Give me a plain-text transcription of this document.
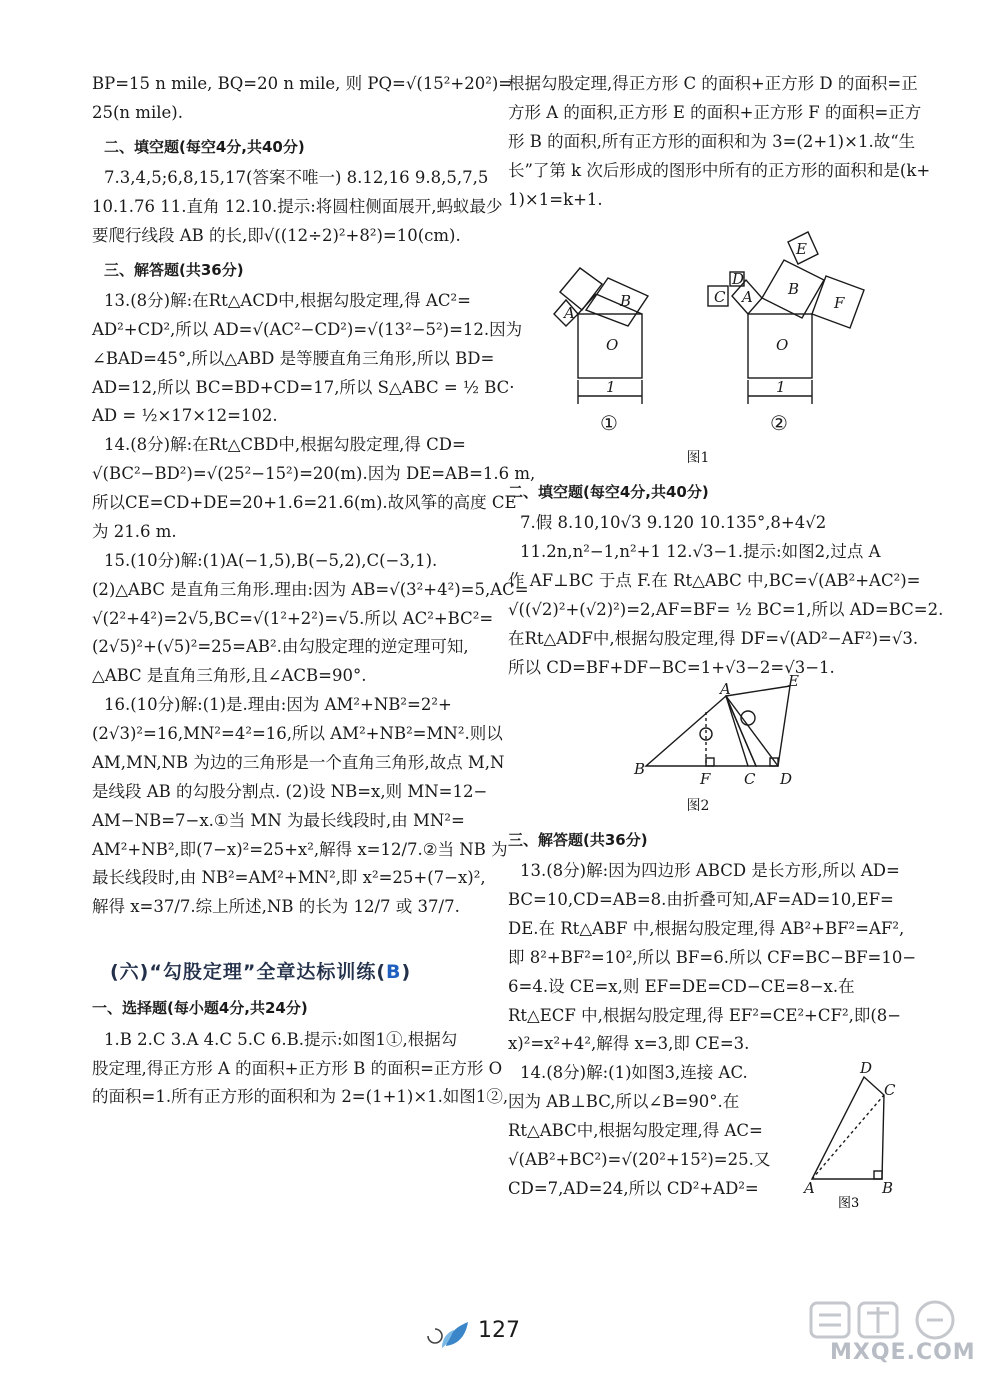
BP=15 n mile, BQ=20 n mile, 则 PQ=√(15²+20²)=
25(n mile).
二、填空题(每空4分,共40分)
7.3,4,5;6,8,15,17(答案不唯一) 8.12,16 9.8,5,7,5
10.1.76 11.直角 12.10.提示:将圆柱侧面展开,蚂蚁最少
要爬行线段 AB 的长,即√((12÷2)²+8²)=10(cm).
三、解答题(共36分)
13.(8分)解:在Rt△ACD中,根据勾股定理,得 AC²=
AD²+CD²,所以 AD=√(AC²−CD²)=√(13²−5²)=12.因为
∠BAD=45°,所以△ABD 是等腰直角三角形,所以 BD=
AD=12,所以 BC=BD+CD=17,所以 S△ABC = ½ BC·
AD = ½×17×12=102.
14.(8分)解:在Rt△CBD中,根据勾股定理,得 CD=
√(BC²−BD²)=√(25²−15²)=20(m).因为 DE=AB=1.6 m,
所以CE=CD+DE=20+1.6=21.6(m).故风筝的高度 CE
为 21.6 m.
15.(10分)解:(1)A(−1,5),B(−5,2),C(−3,1).
(2)△ABC 是直角三角形.理由:因为 AB=√(3²+4²)=5,AC=
√(2²+4²)=2√5,BC=√(1²+2²)=√5.所以 AC²+BC²=
(2√5)²+(√5)²=25=AB².由勾股定理的逆定理可知,
△ABC 是直角三角形,且∠ACB=90°.
16.(10分)解:(1)是.理由:因为 AM²+NB²=2²+
(2√3)²=16,MN²=4²=16,所以 AM²+NB²=MN².则以
AM,MN,NB 为边的三角形是一个直角三角形,故点 M,N
是线段 AB 的勾股分割点. (2)设 NB=x,则 MN=12−
AM−NB=7−x.①当 MN 为最长线段时,由 MN²=
AM²+NB²,即(7−x)²=25+x²,解得 x=12/7.②当 NB 为
最长线段时,由 NB²=AM²+MN²,即 x²=25+(7−x)²,
解得 x=37/7.综上所述,NB 的长为 12/7 或 37/7.
(六)“勾股定理”全章达标训练(B)
一、选择题(每小题4分,共24分)
1.B 2.C 3.A 4.C 5.C 6.B.提示:如图1①,根据勾
股定理,得正方形 A 的面积+正方形 B 的面积=正方形 O
的面积=1.所有正方形的面积和为 2=(1+1)×1.如图1②,
根据勾股定理,得正方形 C 的面积+正方形 D 的面积=正
方形 A 的面积,正方形 E 的面积+正方形 F 的面积=正方
形 B 的面积,所有正方形的面积和为 3=(2+1)×1.故“生
长”了第 k 次后形成的图形中所有的正方形的面积和是(k+
1)×1=k+1.
O
A
B
O
A B
C
D
E
F
1	1
①	②
图1
二、填空题(每空4分,共40分)
7.假 8.10,10√3 9.120 10.135°,8+4√2
11.2n,n²−1,n²+1 12.√3−1.提示:如图2,过点 A
作 AF⊥BC 于点 F.在 Rt△ABC 中,BC=√(AB²+AC²)=
√((√2)²+(√2)²)=2,AF=BF= ½ BC=1,所以 AD=BC=2.
在Rt△ADF中,根据勾股定理,得 DF=√(AD²−AF²)=√3.
所以 CD=BF+DF−BC=1+√3−2=√3−1.
A	E
B
F C D
图2
三、解答题(共36分)
13.(8分)解:因为四边形 ABCD 是长方形,所以 AD=
BC=10,CD=AB=8.由折叠可知,AF=AD=10,EF=
DE.在 Rt△ABF 中,根据勾股定理,得 AB²+BF²=AF²,
即 8²+BF²=10²,所以 BF=6.所以 CF=BC−BF=10−
6=4.设 CE=x,则 EF=DE=CD−CE=8−x.在
Rt△ECF 中,根据勾股定理,得 EF²=CE²+CF²,即(8−
x)²=x²+4²,解得 x=3,即 CE=3.
14.(8分)解:(1)如图3,连接 AC.
因为 AB⊥BC,所以∠B=90°.在
Rt△ABC中,根据勾股定理,得 AC=
√(AB²+BC²)=√(20²+15²)=25.又
CD=7,AD=24,所以 CD²+AD²=
D
C
A	B
图3
127
MXQE.COM
